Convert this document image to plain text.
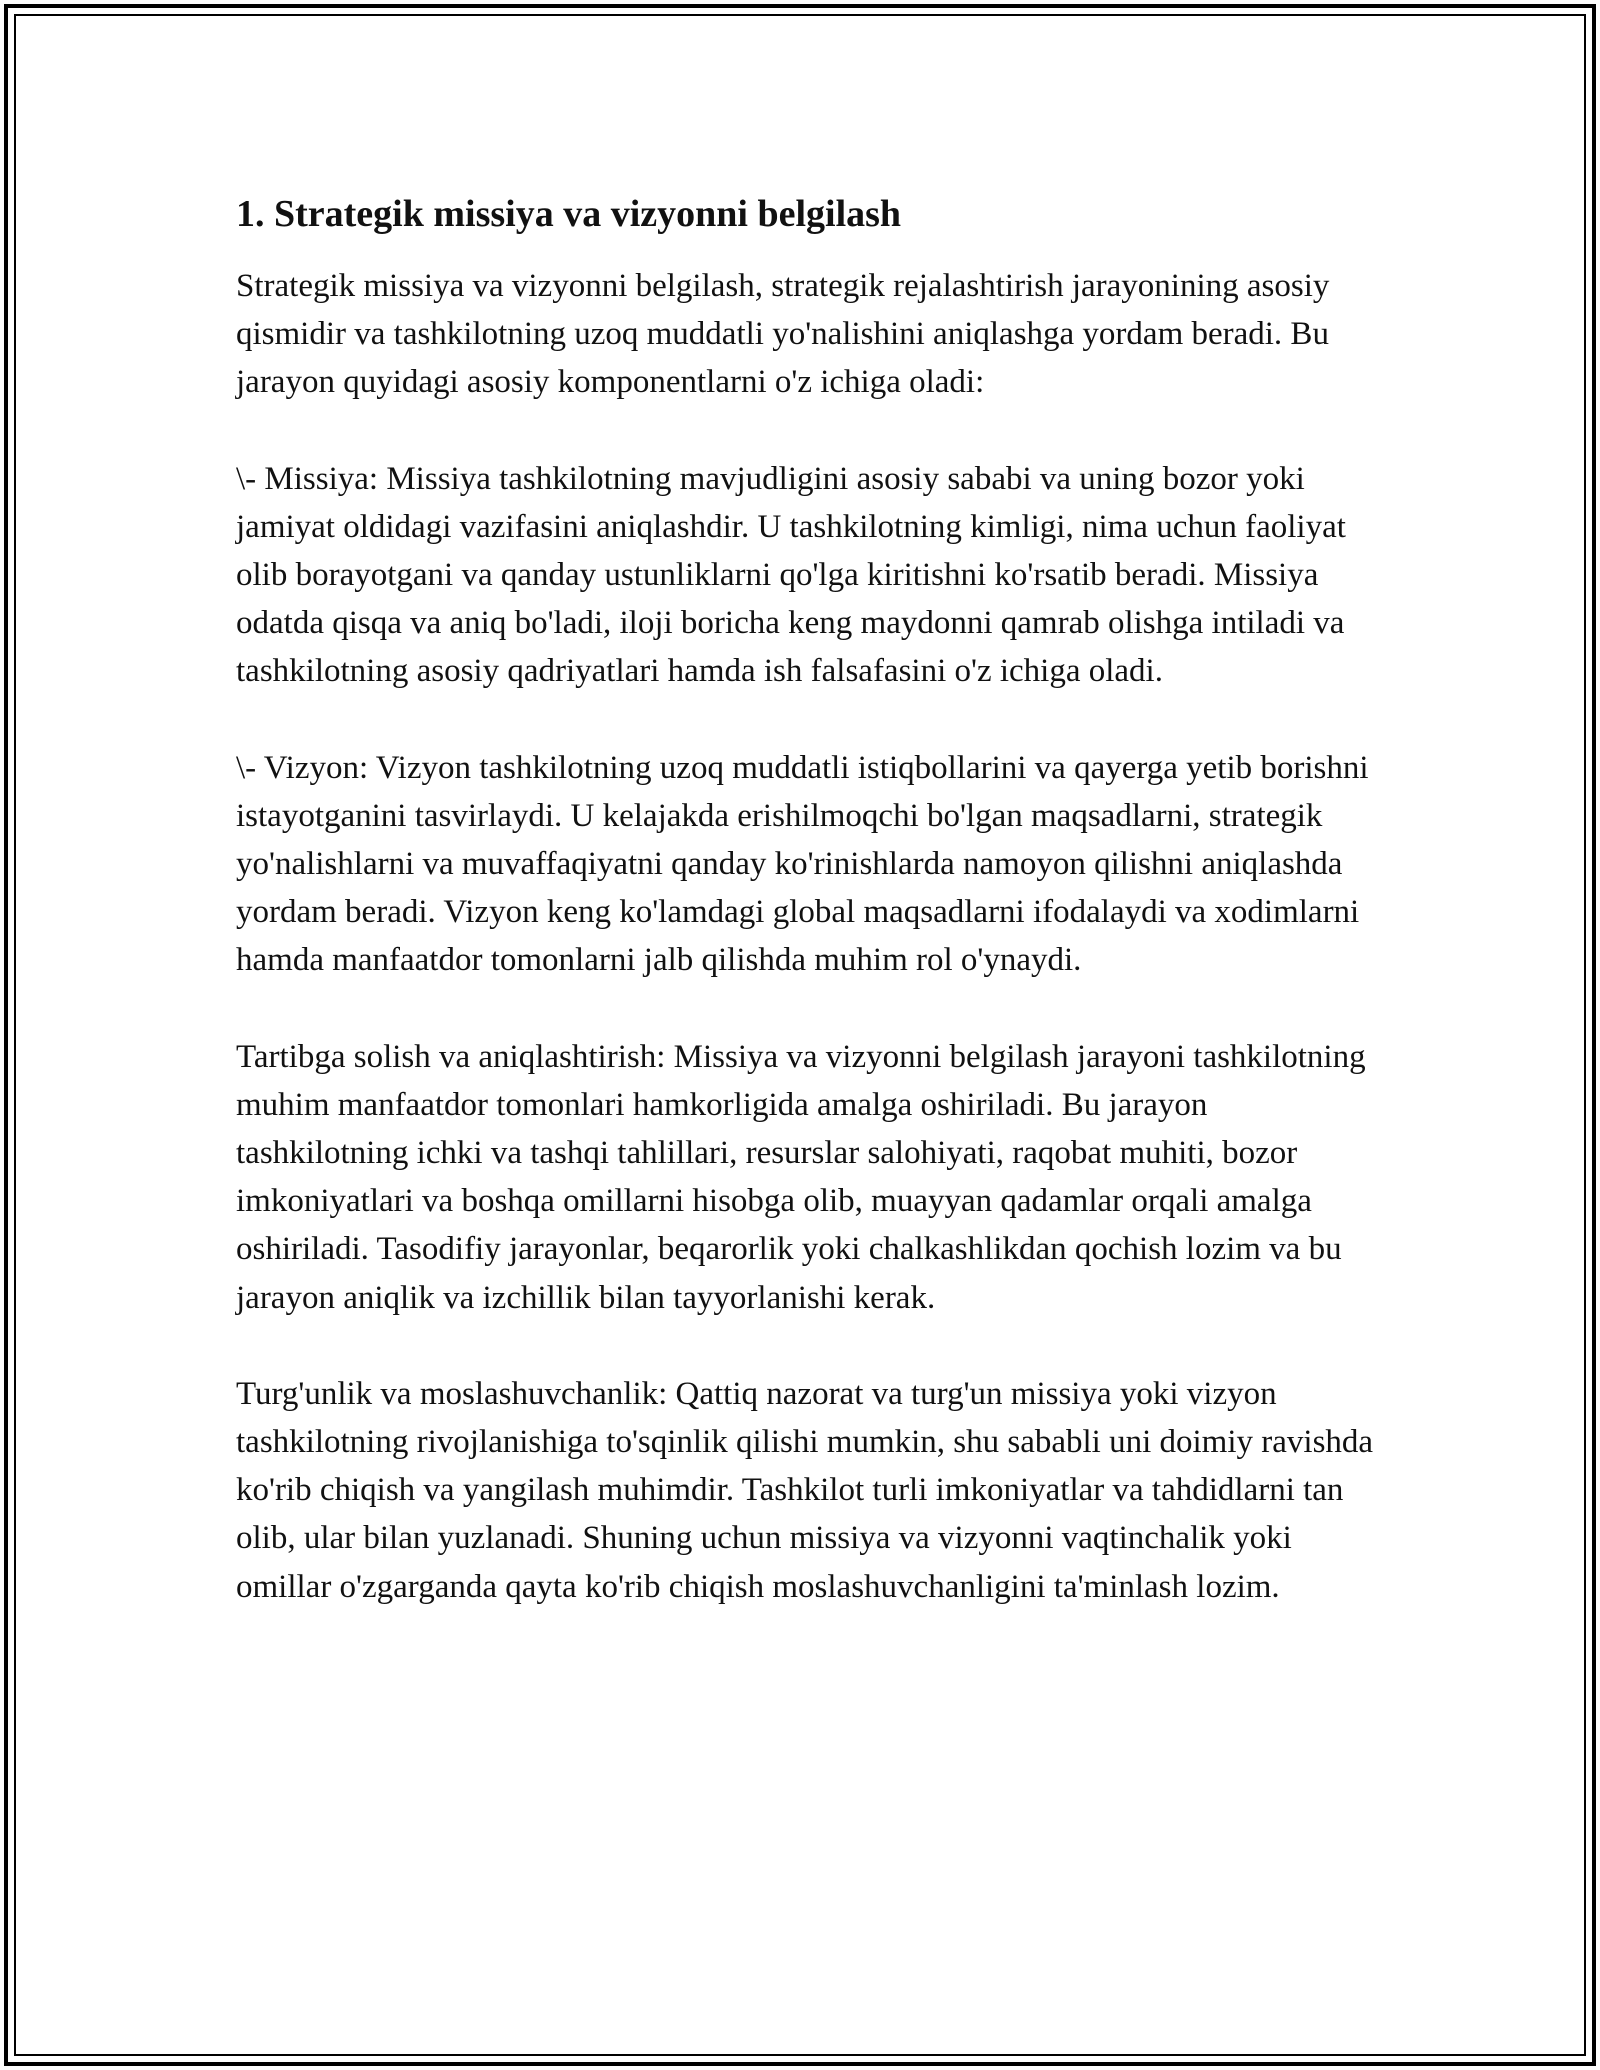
1. Strategik missiya va vizyonni belgilash

Strategik missiya va vizyonni belgilash, strategik rejalashtirish jarayonining asosiy qismidir va tashkilotning uzoq muddatli yo'nalishini aniqlashga yordam beradi. Bu jarayon quyidagi asosiy komponentlarni o'z ichiga oladi:

\- Missiya: Missiya tashkilotning mavjudligini asosiy sababi va uning bozor yoki jamiyat oldidagi vazifasini aniqlashdir. U tashkilotning kimligi, nima uchun faoliyat olib borayotgani va qanday ustunliklarni qo'lga kiritishni ko'rsatib beradi. Missiya odatda qisqa va aniq bo'ladi, iloji boricha keng maydonni qamrab olishga intiladi va tashkilotning asosiy qadriyatlari hamda ish falsafasini o'z ichiga oladi.

\- Vizyon: Vizyon tashkilotning uzoq muddatli istiqbollarini va qayerga yetib borishni istayotganini tasvirlaydi. U kelajakda erishilmoqchi bo'lgan maqsadlarni, strategik yo'nalishlarni va muvaffaqiyatni qanday ko'rinishlarda namoyon qilishni aniqlashda yordam beradi. Vizyon keng ko'lamdagi global maqsadlarni ifodalaydi va xodimlarni hamda manfaatdor tomonlarni jalb qilishda muhim rol o'ynaydi.

Tartibga solish va aniqlashtirish: Missiya va vizyonni belgilash jarayoni tashkilotning muhim manfaatdor tomonlari hamkorligida amalga oshiriladi. Bu jarayon tashkilotning ichki va tashqi tahlillari, resurslar salohiyati, raqobat muhiti, bozor imkoniyatlari va boshqa omillarni hisobga olib, muayyan qadamlar orqali amalga oshiriladi. Tasodifiy jarayonlar, beqarorlik yoki chalkashlikdan qochish lozim va bu jarayon aniqlik va izchillik bilan tayyorlanishi kerak.

Turg'unlik va moslashuvchanlik: Qattiq nazorat va turg'un missiya yoki vizyon tashkilotning rivojlanishiga to'sqinlik qilishi mumkin, shu sababli uni doimiy ravishda ko'rib chiqish va yangilash muhimdir. Tashkilot turli imkoniyatlar va tahdidlarni tan olib, ular bilan yuzlanadi. Shuning uchun missiya va vizyonni vaqtinchalik yoki omillar o'zgarganda qayta ko'rib chiqish moslashuvchanligini ta'minlash lozim.
